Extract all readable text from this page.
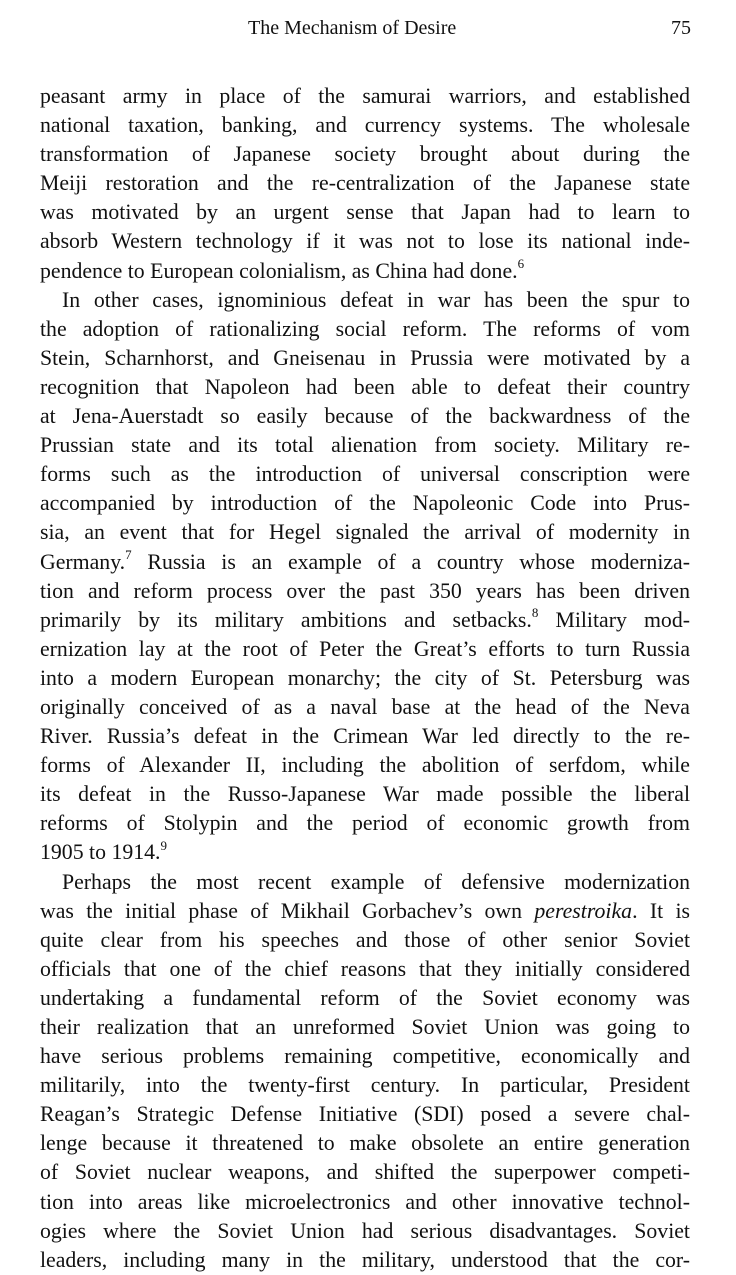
The Mechanism of Desire	75
peasant army in place of the samurai warriors, and established
national taxation, banking, and currency systems. The wholesale
transformation of Japanese society brought about during the
Meiji restoration and the re-centralization of the Japanese state
was motivated by an urgent sense that Japan had to learn to
absorb Western technology if it was not to lose its national inde-
pendence to European colonialism, as China had done.$^6$
In other cases, ignominious defeat in war has been the spur to
the adoption of rationalizing social reform. The reforms of vom
Stein, Scharnhorst, and Gneisenau in Prussia were motivated by a
recognition that Napoleon had been able to defeat their country
at Jena-Auerstadt so easily because of the backwardness of the
Prussian state and its total alienation from society. Military re-
forms such as the introduction of universal conscription were
accompanied by introduction of the Napoleonic Code into Prus-
sia, an event that for Hegel signaled the arrival of modernity in
Germany.$^7$ Russia is an example of a country whose moderniza-
tion and reform process over the past 350 years has been driven
primarily by its military ambitions and setbacks.$^8$ Military mod-
ernization lay at the root of Peter the Great’s efforts to turn Russia
into a modern European monarchy; the city of St. Petersburg was
originally conceived of as a naval base at the head of the Neva
River. Russia’s defeat in the Crimean War led directly to the re-
forms of Alexander II, including the abolition of serfdom, while
its defeat in the Russo-Japanese War made possible the liberal
reforms of Stolypin and the period of economic growth from
1905 to 1914.$^9$
Perhaps the most recent example of defensive modernization
was the initial phase of Mikhail Gorbachev’s own perestroika. It is
quite clear from his speeches and those of other senior Soviet
officials that one of the chief reasons that they initially considered
undertaking a fundamental reform of the Soviet economy was
their realization that an unreformed Soviet Union was going to
have serious problems remaining competitive, economically and
militarily, into the twenty-first century. In particular, President
Reagan’s Strategic Defense Initiative (SDI) posed a severe chal-
lenge because it threatened to make obsolete an entire generation
of Soviet nuclear weapons, and shifted the superpower competi-
tion into areas like microelectronics and other innovative technol-
ogies where the Soviet Union had serious disadvantages. Soviet
leaders, including many in the military, understood that the cor-
